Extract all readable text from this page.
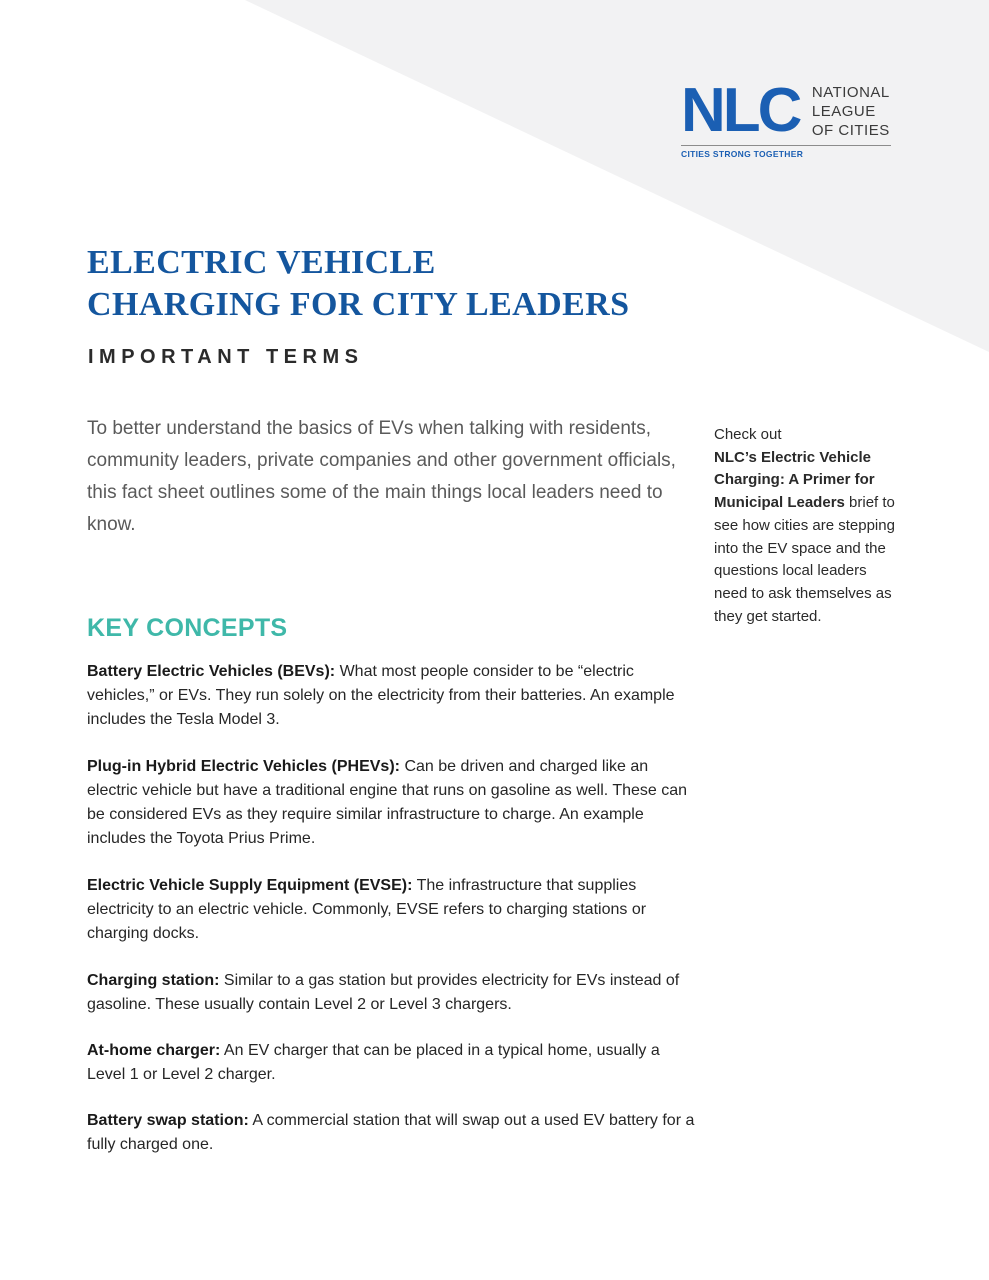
NLC NATIONAL
LEAGUE
OF CITIES
CITIES STRONG TOGETHER
ELECTRIC VEHICLE
CHARGING FOR CITY LEADERS
IMPORTANT TERMS

To better understand the basics of EVs when talking with residents, community leaders, private companies and other government officials, this fact sheet outlines some of the main things local leaders need to know.

Check out
NLC’s Electric Vehicle Charging: A Primer for Municipal Leaders brief to see how cities are stepping into the EV space and the questions local leaders need to ask themselves as they get started.

KEY CONCEPTS

Battery Electric Vehicles (BEVs): What most people consider to be “electric vehicles,” or EVs. They run solely on the electricity from their batteries. An example includes the Tesla Model 3.

Plug-in Hybrid Electric Vehicles (PHEVs): Can be driven and charged like an electric vehicle but have a traditional engine that runs on gasoline as well. These can be considered EVs as they require similar infrastructure to charge. An example includes the Toyota Prius Prime.

Electric Vehicle Supply Equipment (EVSE): The infrastructure that supplies electricity to an electric vehicle. Commonly, EVSE refers to charging stations or charging docks.

Charging station: Similar to a gas station but provides electricity for EVs instead of gasoline. These usually contain Level 2 or Level 3 chargers.

At-home charger: An EV charger that can be placed in a typical home, usually a Level 1 or Level 2 charger.

Battery swap station: A commercial station that will swap out a used EV battery for a fully charged one.
